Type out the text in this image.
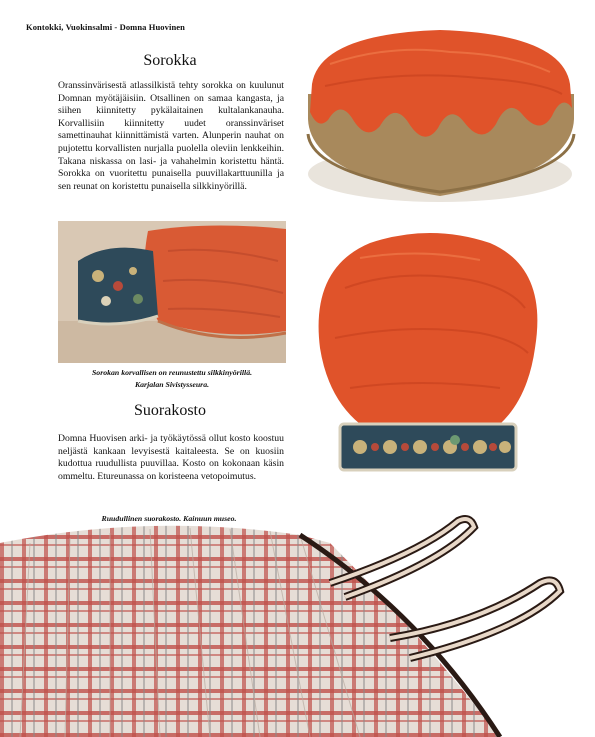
Kontokki, Vuokinsalmi - Domna Huovinen
Sorokka

Oranssinvärisestä atlassilkistä tehty sorokka on kuulunut Domnan myötäjäisiin. Otsallinen on samaa kangasta, ja siihen kiinnitetty pykälaitainen kultalankanauha. Korvallisiin kiinnitetty uudet oranssinväriset samettinauhat kiinnittämistä varten. Alunperin nauhat on pujotettu korvallisten nurjalla puolella oleviin lenkkeihin. Takana niskassa on lasi- ja vahahelmin koristettu häntä. Sorokka on vuoritettu punaisella puuvillakarttuunilla ja sen reunat on koristettu punaisella silkkinyörillä.

Sorokan korvallisen on reunustettu silkkinyörillä.
Karjalan Sivistysseura.
Suorakosto

Domna Huovisen arki- ja työkäytössä ollut kosto koostuu neljästä kankaan levyisestä kaitaleesta. Se on kuosiin kudottua ruudullista puuvillaa. Kosto on kokonaan käsin ommeltu. Etureunassa on koristeena vetopoimutus.

Ruudullinen suorakosto. Kainuun museo.
